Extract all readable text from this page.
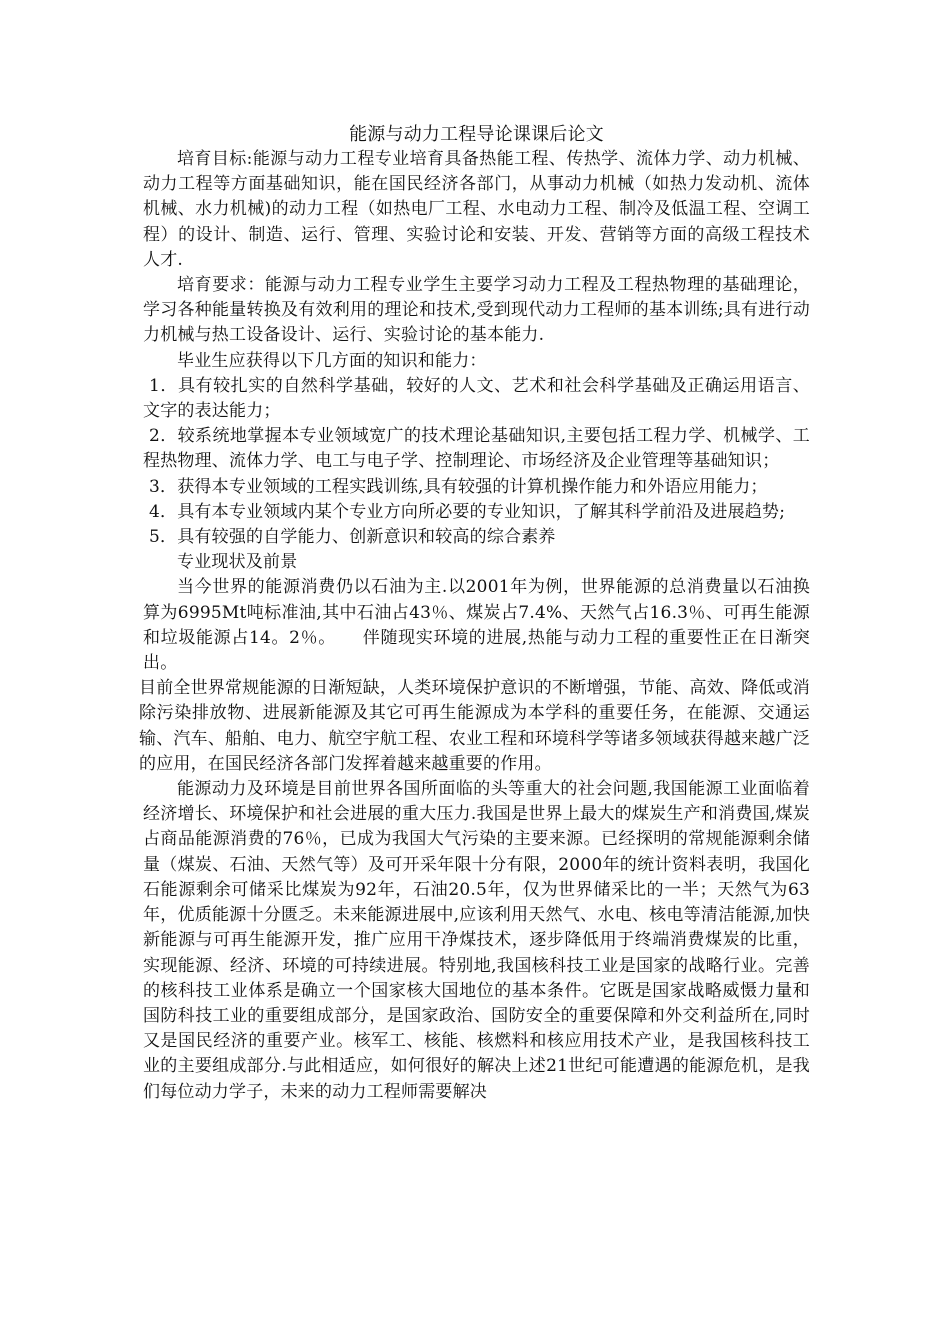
能源与动力工程导论课课后论文

培育目标:能源与动力工程专业培育具备热能工程、传热学、流体力学、动力机械、动力工程等方面基础知识，能在国民经济各部门，从事动力机械（如热力发动机、流体机械、水力机械)的动力工程（如热电厂工程、水电动力工程、制冷及低温工程、空调工程）的设计、制造、运行、管理、实验讨论和安装、开发、营销等方面的高级工程技术人才.

培育要求：能源与动力工程专业学生主要学习动力工程及工程热物理的基础理论，学习各种能量转换及有效利用的理论和技术,受到现代动力工程师的基本训练;具有进行动力机械与热工设备设计、运行、实验讨论的基本能力.

毕业生应获得以下几方面的知识和能力：

1．具有较扎实的自然科学基础，较好的人文、艺术和社会科学基础及正确运用语言、文字的表达能力；

2．较系统地掌握本专业领域宽广的技术理论基础知识,主要包括工程力学、机械学、工程热物理、流体力学、电工与电子学、控制理论、市场经济及企业管理等基础知识；

3．获得本专业领域的工程实践训练,具有较强的计算机操作能力和外语应用能力；

4．具有本专业领域内某个专业方向所必要的专业知识，了解其科学前沿及进展趋势;

5．具有较强的自学能力、创新意识和较高的综合素养

专业现状及前景

当今世界的能源消费仍以石油为主.以2001年为例，世界能源的总消费量以石油换算为6995Mt吨标准油,其中石油占43％、煤炭占7.4%、天然气占16.3％、可再生能源和垃圾能源占14。2％。　　伴随现实环境的进展,热能与动力工程的重要性正在日渐突出。

目前全世界常规能源的日渐短缺，人类环境保护意识的不断增强，节能、高效、降低或消除污染排放物、进展新能源及其它可再生能源成为本学科的重要任务，在能源、交通运输、汽车、船舶、电力、航空宇航工程、农业工程和环境科学等诸多领域获得越来越广泛的应用，在国民经济各部门发挥着越来越重要的作用。

能源动力及环境是目前世界各国所面临的头等重大的社会问题,我国能源工业面临着经济增长、环境保护和社会进展的重大压力.我国是世界上最大的煤炭生产和消费国,煤炭占商品能源消费的76％，已成为我国大气污染的主要来源。已经探明的常规能源剩余储量（煤炭、石油、天然气等）及可开采年限十分有限，2000年的统计资料表明，我国化石能源剩余可储采比煤炭为92年，石油20.5年，仅为世界储采比的一半；天然气为63年，优质能源十分匮乏。未来能源进展中,应该利用天然气、水电、核电等清洁能源,加快新能源与可再生能源开发，推广应用干净煤技术，逐步降低用于终端消费煤炭的比重，实现能源、经济、环境的可持续进展。特别地,我国核科技工业是国家的战略行业。完善的核科技工业体系是确立一个国家核大国地位的基本条件。它既是国家战略威慑力量和国防科技工业的重要组成部分，是国家政治、国防安全的重要保障和外交利益所在,同时又是国民经济的重要产业。核军工、核能、核燃料和核应用技术产业，是我国核科技工业的主要组成部分.与此相适应，如何很好的解决上述21世纪可能遭遇的能源危机，是我们每位动力学子，未来的动力工程师需要解决
